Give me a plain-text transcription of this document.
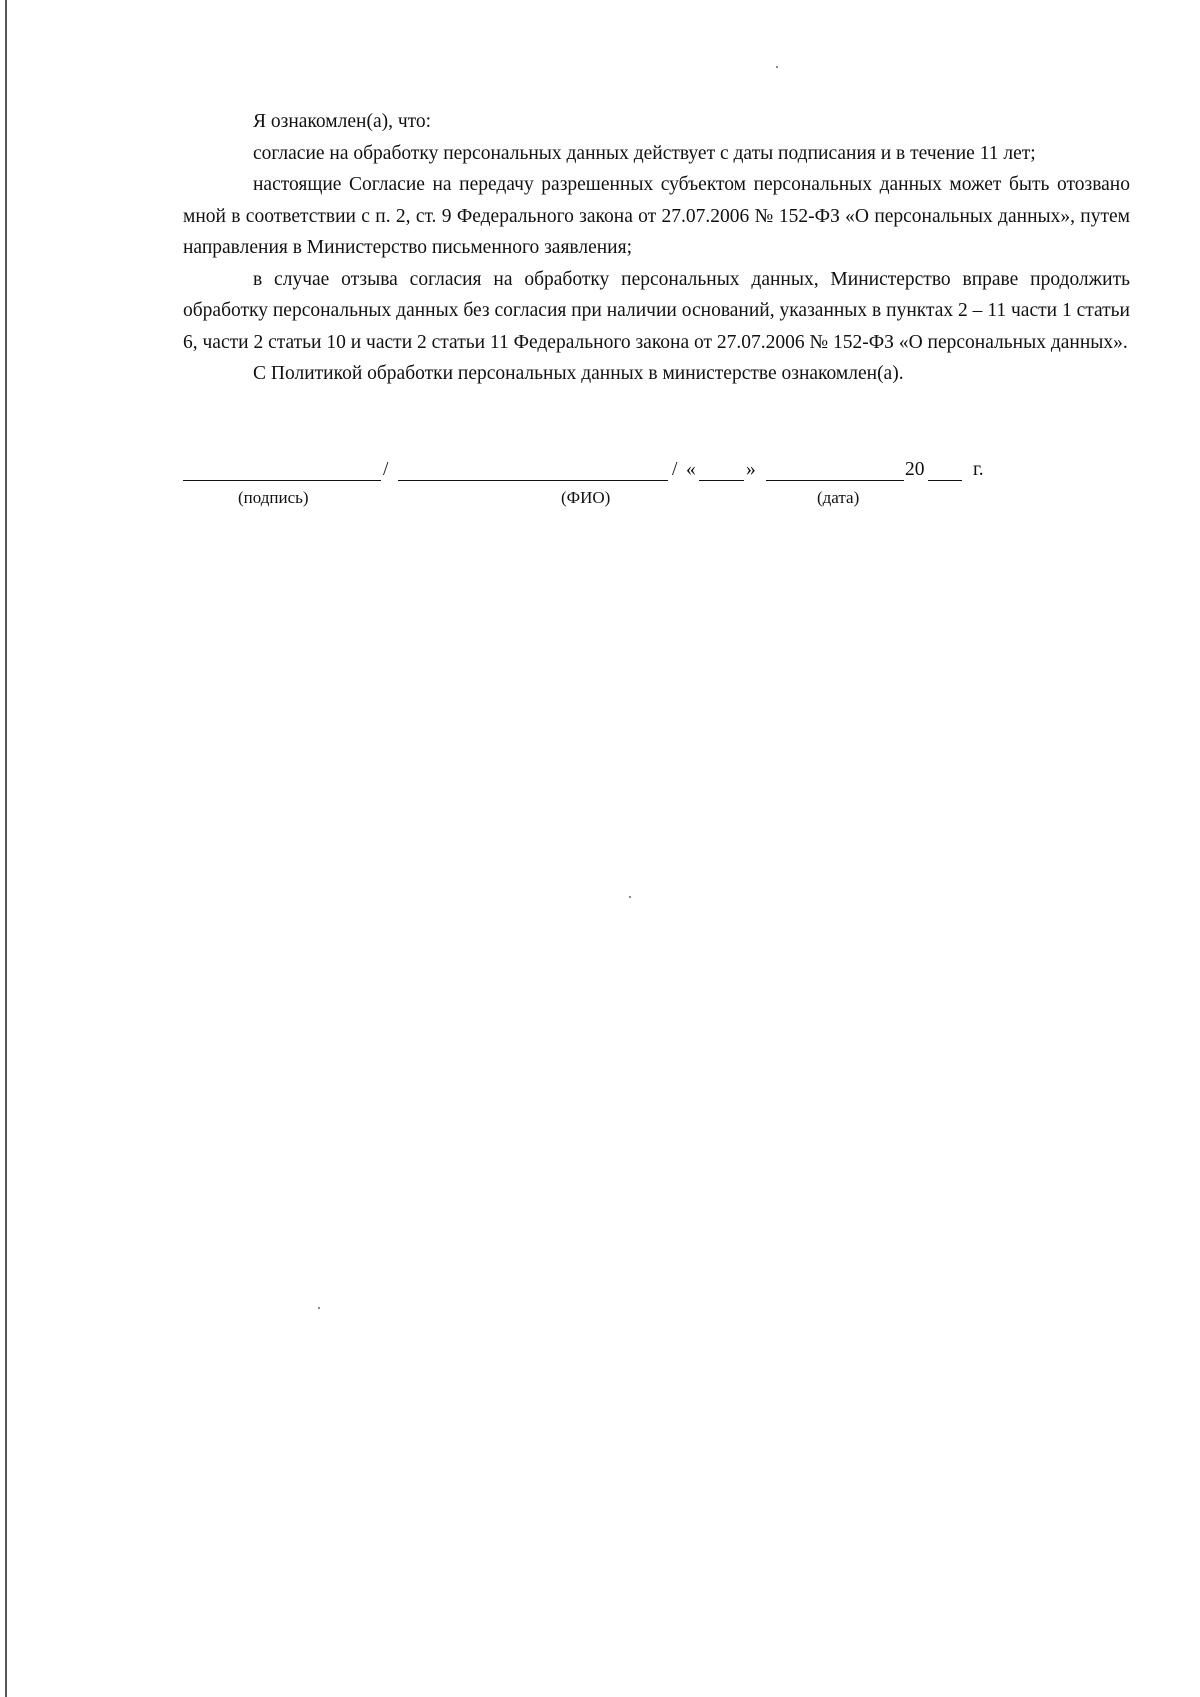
Я ознакомлен(а), что:

согласие на обработку персональных данных действует с даты подписания и в течение 11 лет;

настоящие Согласие на передачу разрешенных субъектом персональных данных может быть отозвано мной в соответствии с п. 2, ст. 9 Федерального закона от 27.07.2006 № 152-ФЗ «О персональных данных», путем направления в Министерство письменного заявления;

в случае отзыва согласия на обработку персональных данных, Министерство вправе продолжить обработку персональных данных без согласия при наличии оснований, указанных в пунктах 2 – 11 части 1 статьи 6, части 2 статьи 10 и части 2 статьи 11 Федерального закона от 27.07.2006 № 152-ФЗ «О персональных данных».

С Политикой обработки персональных данных в министерстве ознакомлен(а).

/	/ «	»	20 г.
(подпись)	(ФИО)	(дата)
